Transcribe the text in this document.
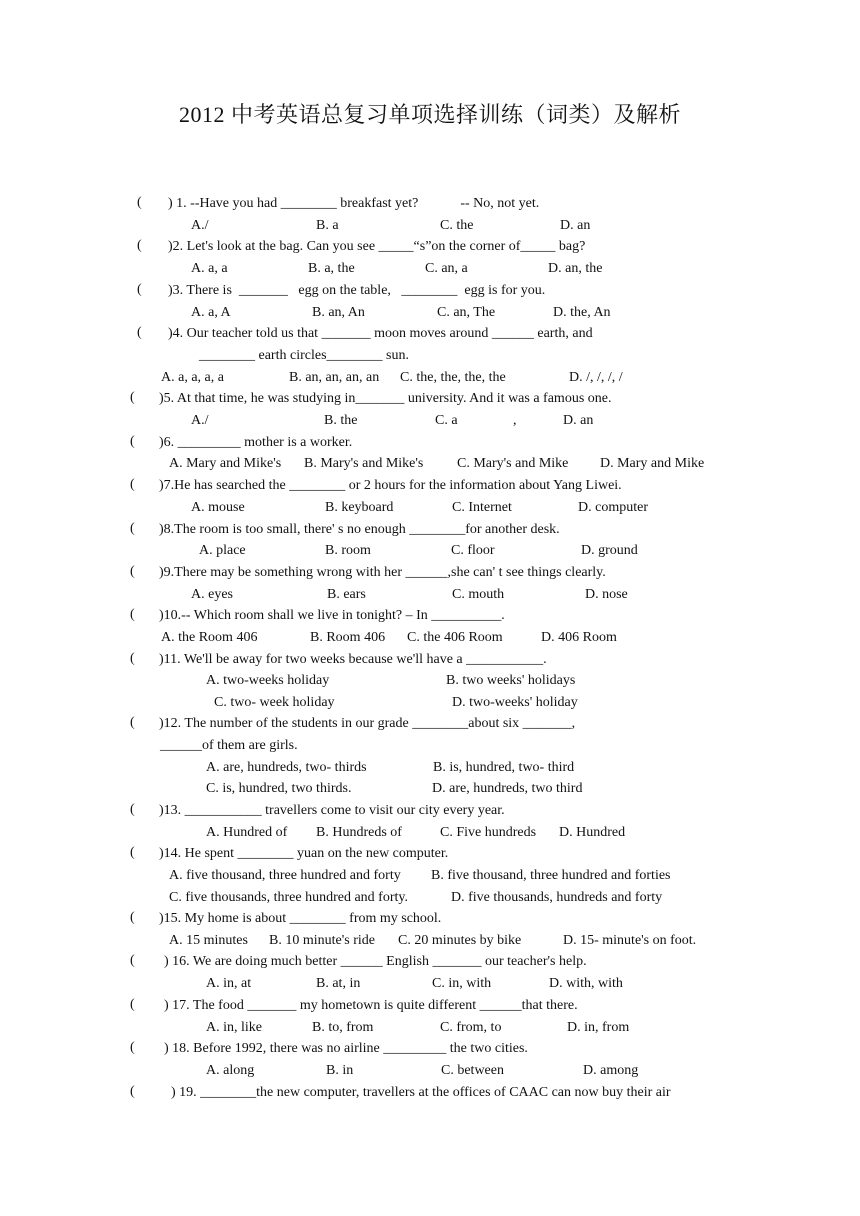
2012 中考英语总复习单项选择训练（词类）及解析
( ) 1. --Have you had ________ breakfast yet?            -- No, not yet.
A./	B. a	C. the	D. an
( )2. Let's look at the bag. Can you see _____“s”on the corner of_____ bag?
A. a, a	B. a, the	C. an, a	D. an, the
( )3. There is  _______   egg on the table,   ________  egg is for you.
A. a, A	B. an, An	C. an, The	D. the, An
( )4. Our teacher told us that _______ moon moves around ______ earth, and
________ earth circles________ sun.
A. a, a, a, a	B. an, an, an, an C. the, the, the, the	D. /, /, /, /
( )5. At that time, he was studying in_______ university. And it was a famous one.
A./	B. the	C. a	,	D. an
( )6. _________ mother is a worker.
A. Mary and Mike's B. Mary's and Mike's C. Mary's and Mike D. Mary and Mike
( )7.He has searched the ________ or 2 hours for the information about Yang Liwei.
A. mouse	B. keyboard	C. Internet	D. computer
( )8.The room is too small, there' s no enough ________for another desk.
A. place	B. room	C. floor	D. ground
( )9.There may be something wrong with her ______,she can' t see things clearly.
A. eyes	B. ears	C. mouth	D. nose
( )10.-- Which room shall we live in tonight? – In __________.
A. the Room 406	B. Room 406 C. the 406 Room	D. 406 Room
( )11. We'll be away for two weeks because we'll have a ___________.
A. two-weeks holiday	B. two weeks' holidays
C. two- week holiday	D. two-weeks' holiday
( )12. The number of the students in our grade ________about six _______,
______of them are girls.
A. are, hundreds, two- thirds	B. is, hundred, two- third
C. is, hundred, two thirds.	D. are, hundreds, two third
( )13. ___________ travellers come to visit our city every year.
A. Hundred of B. Hundreds of	C. Five hundreds D. Hundred
( )14. He spent ________ yuan on the new computer.
A. five thousand, three hundred and forty B. five thousand, three hundred and forties
C. five thousands, three hundred and forty.	D. five thousands, hundreds and forty
( )15. My home is about ________ from my school.
A. 15 minutes B. 10 minute's ride C. 20 minutes by bike	D. 15- minute's on foot.
( ) 16. We are doing much better ______ English _______ our teacher's help.
A. in, at	B. at, in	C. in, with	D. with, with
( ) 17. The food _______ my hometown is quite different ______that there.
A. in, like	B. to, from	C. from, to	D. in, from
( ) 18. Before 1992, there was no airline _________ the two cities.
A. along	B. in	C. between	D. among
(	) 19. ________the new computer, travellers at the offices of CAAC can now buy their air
